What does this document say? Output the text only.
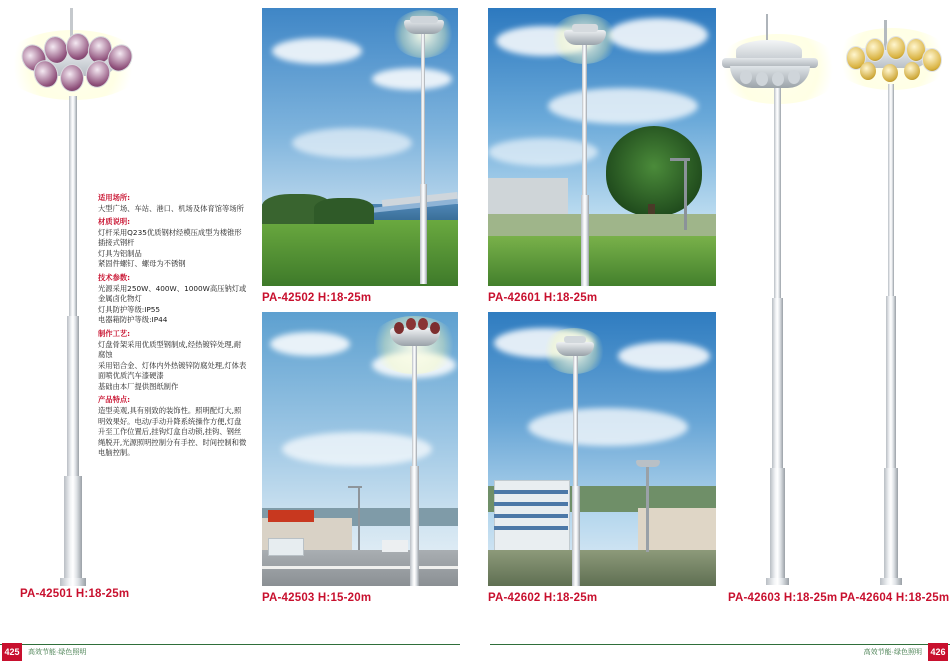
适用场所:

大型广场、车站、港口、机场及体育馆等场所

材质说明:

灯杆采用Q235优质钢材经模压成型为楼锥形插接式钢杆

灯具为铝制品

紧固件螺钉、螺母为不锈钢

技术参数:

光源采用250W、400W、1000W高压钠灯或金属卤化物灯

灯具防护等级:IP55

电器箱防护等级:IP44

制作工艺:

灯盘骨架采用优质型钢制成,经热镀锌处理,耐腐蚀

采用铝合金、灯体内外热镀锌防腐处理,灯体表面喷优质汽车漆硬漆

基础由本厂提供图纸制作

产品特点:

造型美观,具有别致的装饰性。照明配灯大,照明效果好。电动/手动升降系统操作方便,灯盘升至工作位置后,挂钩灯盒自动锁,挂钩、钢丝绳脱开,光源照明控制分有手控、时间控制和微电脑控制。

PA-42501 H:18-25m
PA-42502 H:18-25m	PA-42601 H:18-25m
PA-42503 H:15-20m	PA-42602 H:18-25m	PA-42603 H:18-25m PA-42604 H:18-25m
425	高效节能·绿色照明	426
高效节能·绿色照明
